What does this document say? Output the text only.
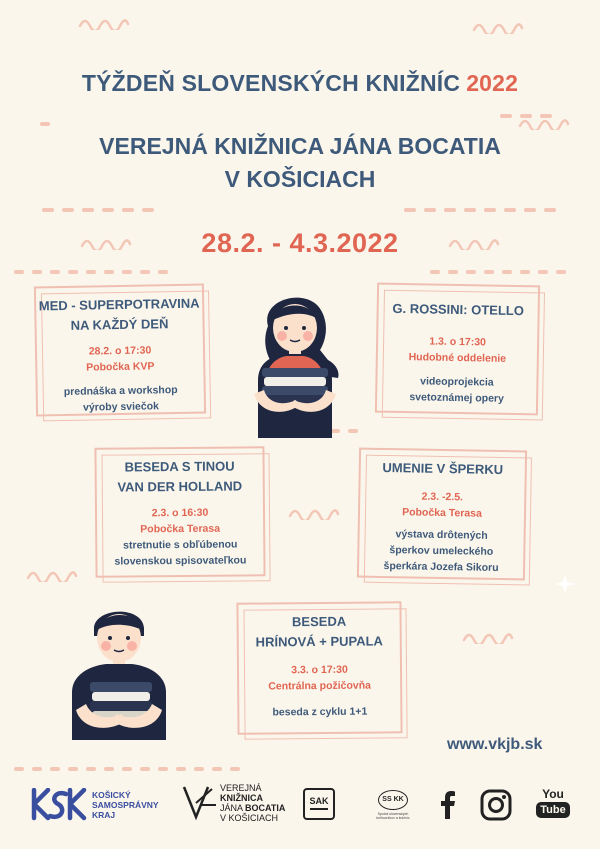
TÝŽDEŇ SLOVENSKÝCH KNIŽNÍC 2022
VEREJNÁ KNIŽNICA JÁNA BOCATIA
V KOŠICIACH
28.2. - 4.3.2022
MED - SUPERPOTRAVINA
NA KAŽDÝ DEŇ
28.2. o 17:30
Pobočka KVP
prednáška a workshop
výroby sviečok
G. ROSSINI: OTELLO
1.3. o 17:30
Hudobné oddelenie
videoprojekcia
svetoznámej opery
BESEDA S TINOU
VAN DER HOLLAND
2.3. o 16:30
Pobočka Terasa
stretnutie s obľúbenou
slovenskou spisovateľkou
UMENIE V ŠPERKU
2.3. -2.5.
Pobočka Terasa
výstava drôtených
šperkov umeleckého
šperkára Jozefa Sikoru
BESEDA
HRÍNOVÁ + PUPALA
3.3. o 17:30
Centrálna požičovňa
beseda z cyklu 1+1
www.vkjb.sk
KOŠICKÝ
SAMOSPRÁVNY
KRAJ
VEREJNÁ
KNIŽNICA
JÁNA BOCATIA
V KOŠICIACH
SAK	SS KK
Spolok slovenských knihovníkov a knižníc
You
Tube
